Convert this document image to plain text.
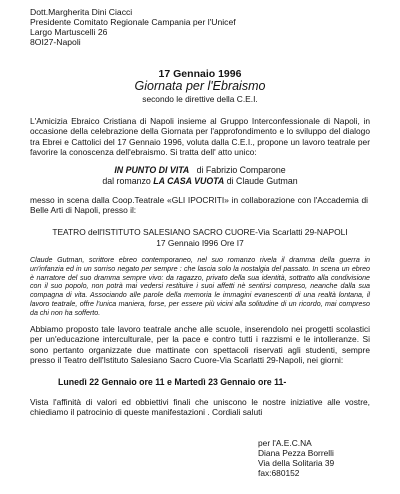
Dott.Margherita Dini Ciacci
Presidente Comitato Regionale Campania per l'Unicef
Largo Martuscelli 26
8OI27-Napoli
17 Gennaio 1996
Giornata per l'Ebraismo
secondo le direttive della C.E.I.
L'Amicizia Ebraico Cristiana di Napoli insieme al Gruppo Interconfessionale di Napoli, in occasione della celebrazione della Giornata per l'approfondimento e lo sviluppo del dialogo tra Ebrei e Cattolici del 17 Gennaio 1996, voluta dalla C.E.I., propone un lavoro teatrale per favorire la conoscenza dell'ebraismo. Si tratta dell' atto unico:
IN PUNTO DI VITA di Fabrizio Comparone
dal romanzo LA CASA VUOTA di Claude Gutman
messo in scena dalla Coop.Teatrale «GLI IPOCRITI» in collaborazione con l'Accademia di Belle Arti di Napoli, presso il:
TEATRO dell'ISTITUTO SALESIANO SACRO CUORE-Via Scarlatti 29-NAPOLI
17 Gennaio I996 Ore I7
Claude Gutman, scrittore ebreo contemporaneo, nel suo romanzo rivela il dramma della guerra in un'infanzia ed in un sorriso negato per sempre : che lascia solo la nostalgia del passato. In scena un ebreo è narratore del suo dramma sempre vivo: da ragazzo, privato della sua identità, sottratto alla condivisione con il suo popolo, non potrà mai vedersi restituire i suoi affetti nè sentirsi compreso, neanche dalla sua compagna di vita. Associando alle parole della memoria le immagini evanescenti di una realtà lontana, il lavoro teatrale, offre l'unica maniera, forse, per essere più vicini alla solitudine di un ricordo, mai compreso da chi non ha sofferto.
Abbiamo proposto tale lavoro teatrale anche alle scuole, inserendolo nei progetti scolastici per un'educazione interculturale, per la pace e contro tutti i razzismi e le intolleranze. Si sono pertanto organizzate due mattinate con spettacoli riservati agli studenti, sempre presso il Teatro dell'Istituto Salesiano Sacro Cuore-Via Scarlatti 29-Napoli, nei giorni:
Lunedì 22 Gennaio ore 11 e Martedì 23 Gennaio ore 11-
Vista l'affinità di valori ed obbiettivi finali che uniscono le nostre iniziative alle vostre, chiediamo il patrocinio di queste manifestazioni . Cordiali saluti
per l'A.E.C.NA
Diana Pezza Borrelli
Via della Solitaria 39
fax:680152
